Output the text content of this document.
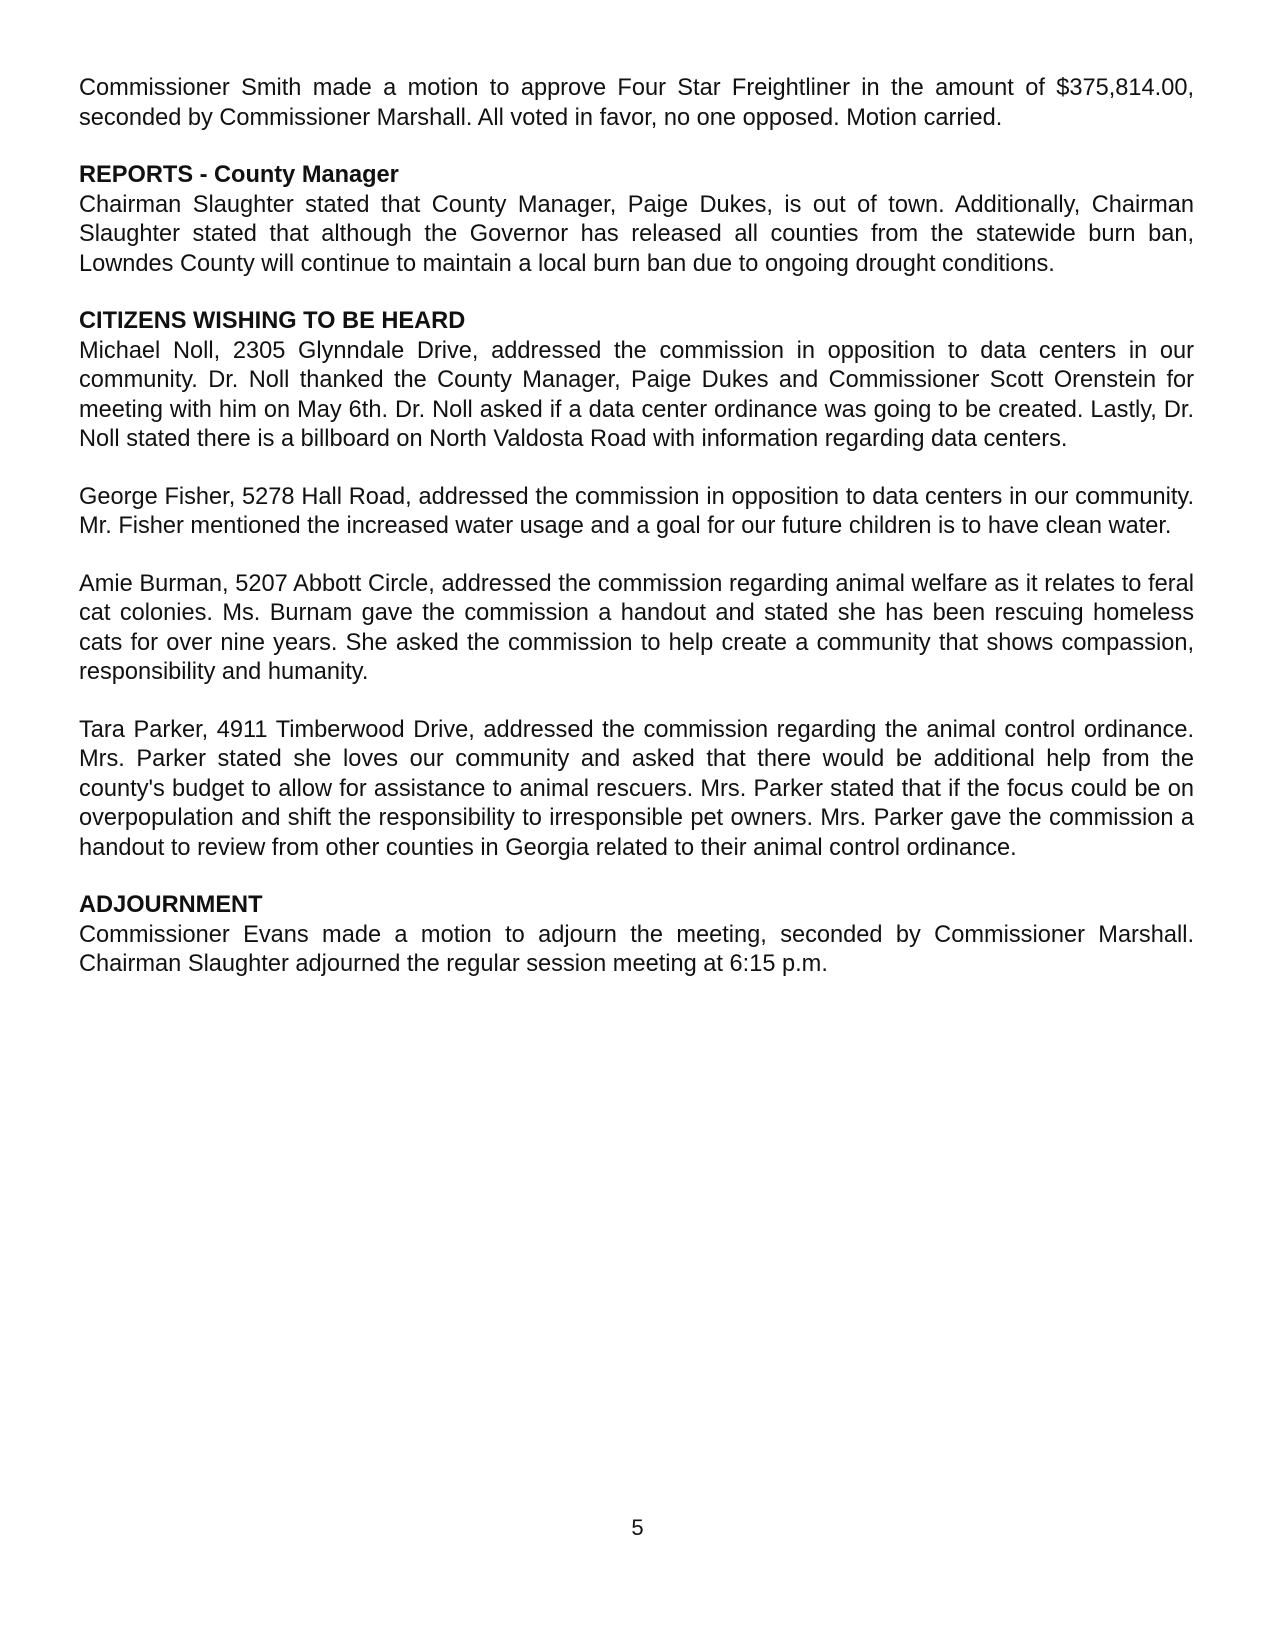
Commissioner Smith made a motion to approve Four Star Freightliner in the amount of $375,814.00, seconded by Commissioner Marshall. All voted in favor, no one opposed. Motion carried.

REPORTS - County Manager

Chairman Slaughter stated that County Manager, Paige Dukes, is out of town. Additionally, Chairman Slaughter stated that although the Governor has released all counties from the statewide burn ban, Lowndes County will continue to maintain a local burn ban due to ongoing drought conditions.

CITIZENS WISHING TO BE HEARD

Michael Noll, 2305 Glynndale Drive, addressed the commission in opposition to data centers in our community. Dr. Noll thanked the County Manager, Paige Dukes and Commissioner Scott Orenstein for meeting with him on May 6th. Dr. Noll asked if a data center ordinance was going to be created. Lastly, Dr. Noll stated there is a billboard on North Valdosta Road with information regarding data centers.

George Fisher, 5278 Hall Road, addressed the commission in opposition to data centers in our community. Mr. Fisher mentioned the increased water usage and a goal for our future children is to have clean water.

Amie Burman, 5207 Abbott Circle, addressed the commission regarding animal welfare as it relates to feral cat colonies. Ms. Burnam gave the commission a handout and stated she has been rescuing homeless cats for over nine years. She asked the commission to help create a community that shows compassion, responsibility and humanity.

Tara Parker, 4911 Timberwood Drive, addressed the commission regarding the animal control ordinance. Mrs. Parker stated she loves our community and asked that there would be additional help from the county's budget to allow for assistance to animal rescuers. Mrs. Parker stated that if the focus could be on overpopulation and shift the responsibility to irresponsible pet owners. Mrs. Parker gave the commission a handout to review from other counties in Georgia related to their animal control ordinance.

ADJOURNMENT

Commissioner Evans made a motion to adjourn the meeting, seconded by Commissioner Marshall. Chairman Slaughter adjourned the regular session meeting at 6:15 p.m.

5
